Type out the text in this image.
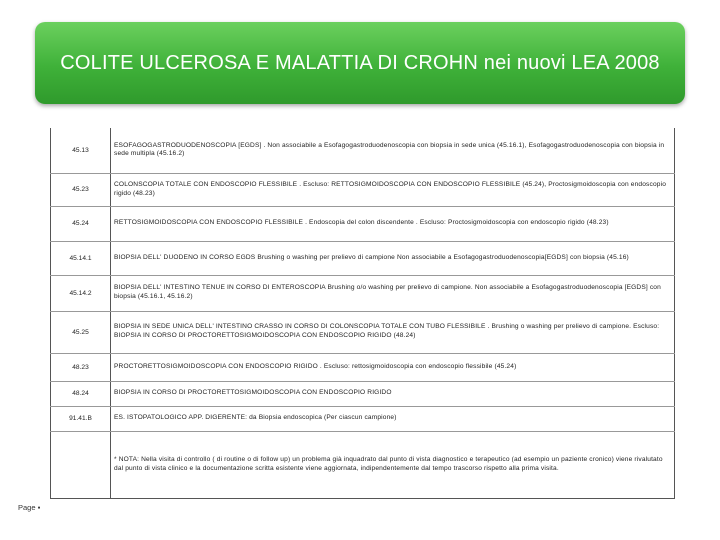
COLITE ULCEROSA E MALATTIA DI CROHN nei nuovi LEA 2008
45.13	ESOFAGOGASTRODUODENOSCOPIA [EGDS] . Non associabile a Esofagogastroduodenoscopia con biopsia in sede unica (45.16.1), Esofagogastroduodenoscopia con biopsia in sede multipla (45.16.2)
45.23	COLONSCOPIA TOTALE CON ENDOSCOPIO FLESSIBILE . Escluso: RETTOSIGMOIDOSCOPIA CON ENDOSCOPIO FLESSIBILE (45.24), Proctosigmoidoscopia con endoscopio rigido (48.23)
45.24	RETTOSIGMOIDOSCOPIA CON ENDOSCOPIO FLESSIBILE . Endoscopia del colon discendente . Escluso: Proctosigmoidoscopia con endoscopio rigido (48.23)
45.14.1	BIOPSIA DELL' DUODENO IN CORSO EGDS Brushing o washing per prelievo di campione Non associabile a Esofagogastroduodenoscopia[EGDS] con biopsia (45.16)
45.14.2	BIOPSIA DELL' INTESTINO TENUE IN CORSO DI ENTEROSCOPIA Brushing o/o washing per prelievo di campione. Non associabile a Esofagogastroduodenoscopia [EGDS] con biopsia (45.16.1, 45.16.2)
45.25	BIOPSIA IN SEDE UNICA DELL' INTESTINO CRASSO IN CORSO DI COLONSCOPIA TOTALE CON TUBO FLESSIBILE . Brushing o washing per prelievo di campione. Escluso: BIOPSIA IN CORSO DI PROCTORETTOSIGMOIDOSCOPIA CON ENDOSCOPIO RIGIDO (48.24)
48.23	PROCTORETTOSIGMOIDOSCOPIA CON ENDOSCOPIO RIGIDO . Escluso: rettosigmoidoscopia con endoscopio flessibile (45.24)
48.24	BIOPSIA IN CORSO DI PROCTORETTOSIGMOIDOSCOPIA CON ENDOSCOPIO RIGIDO
91.41.B	ES. ISTOPATOLOGICO APP. DIGERENTE: da Biopsia endoscopica (Per ciascun campione)
	* NOTA: Nella visita di controllo ( di routine o di follow up) un problema già inquadrato dal punto di vista diagnostico e terapeutico (ad esempio un paziente cronico) viene rivalutato dal punto di vista clinico e la documentazione scritta esistente viene aggiornata, indipendentemente dal tempo trascorso rispetto alla prima visita.
Page ▪
